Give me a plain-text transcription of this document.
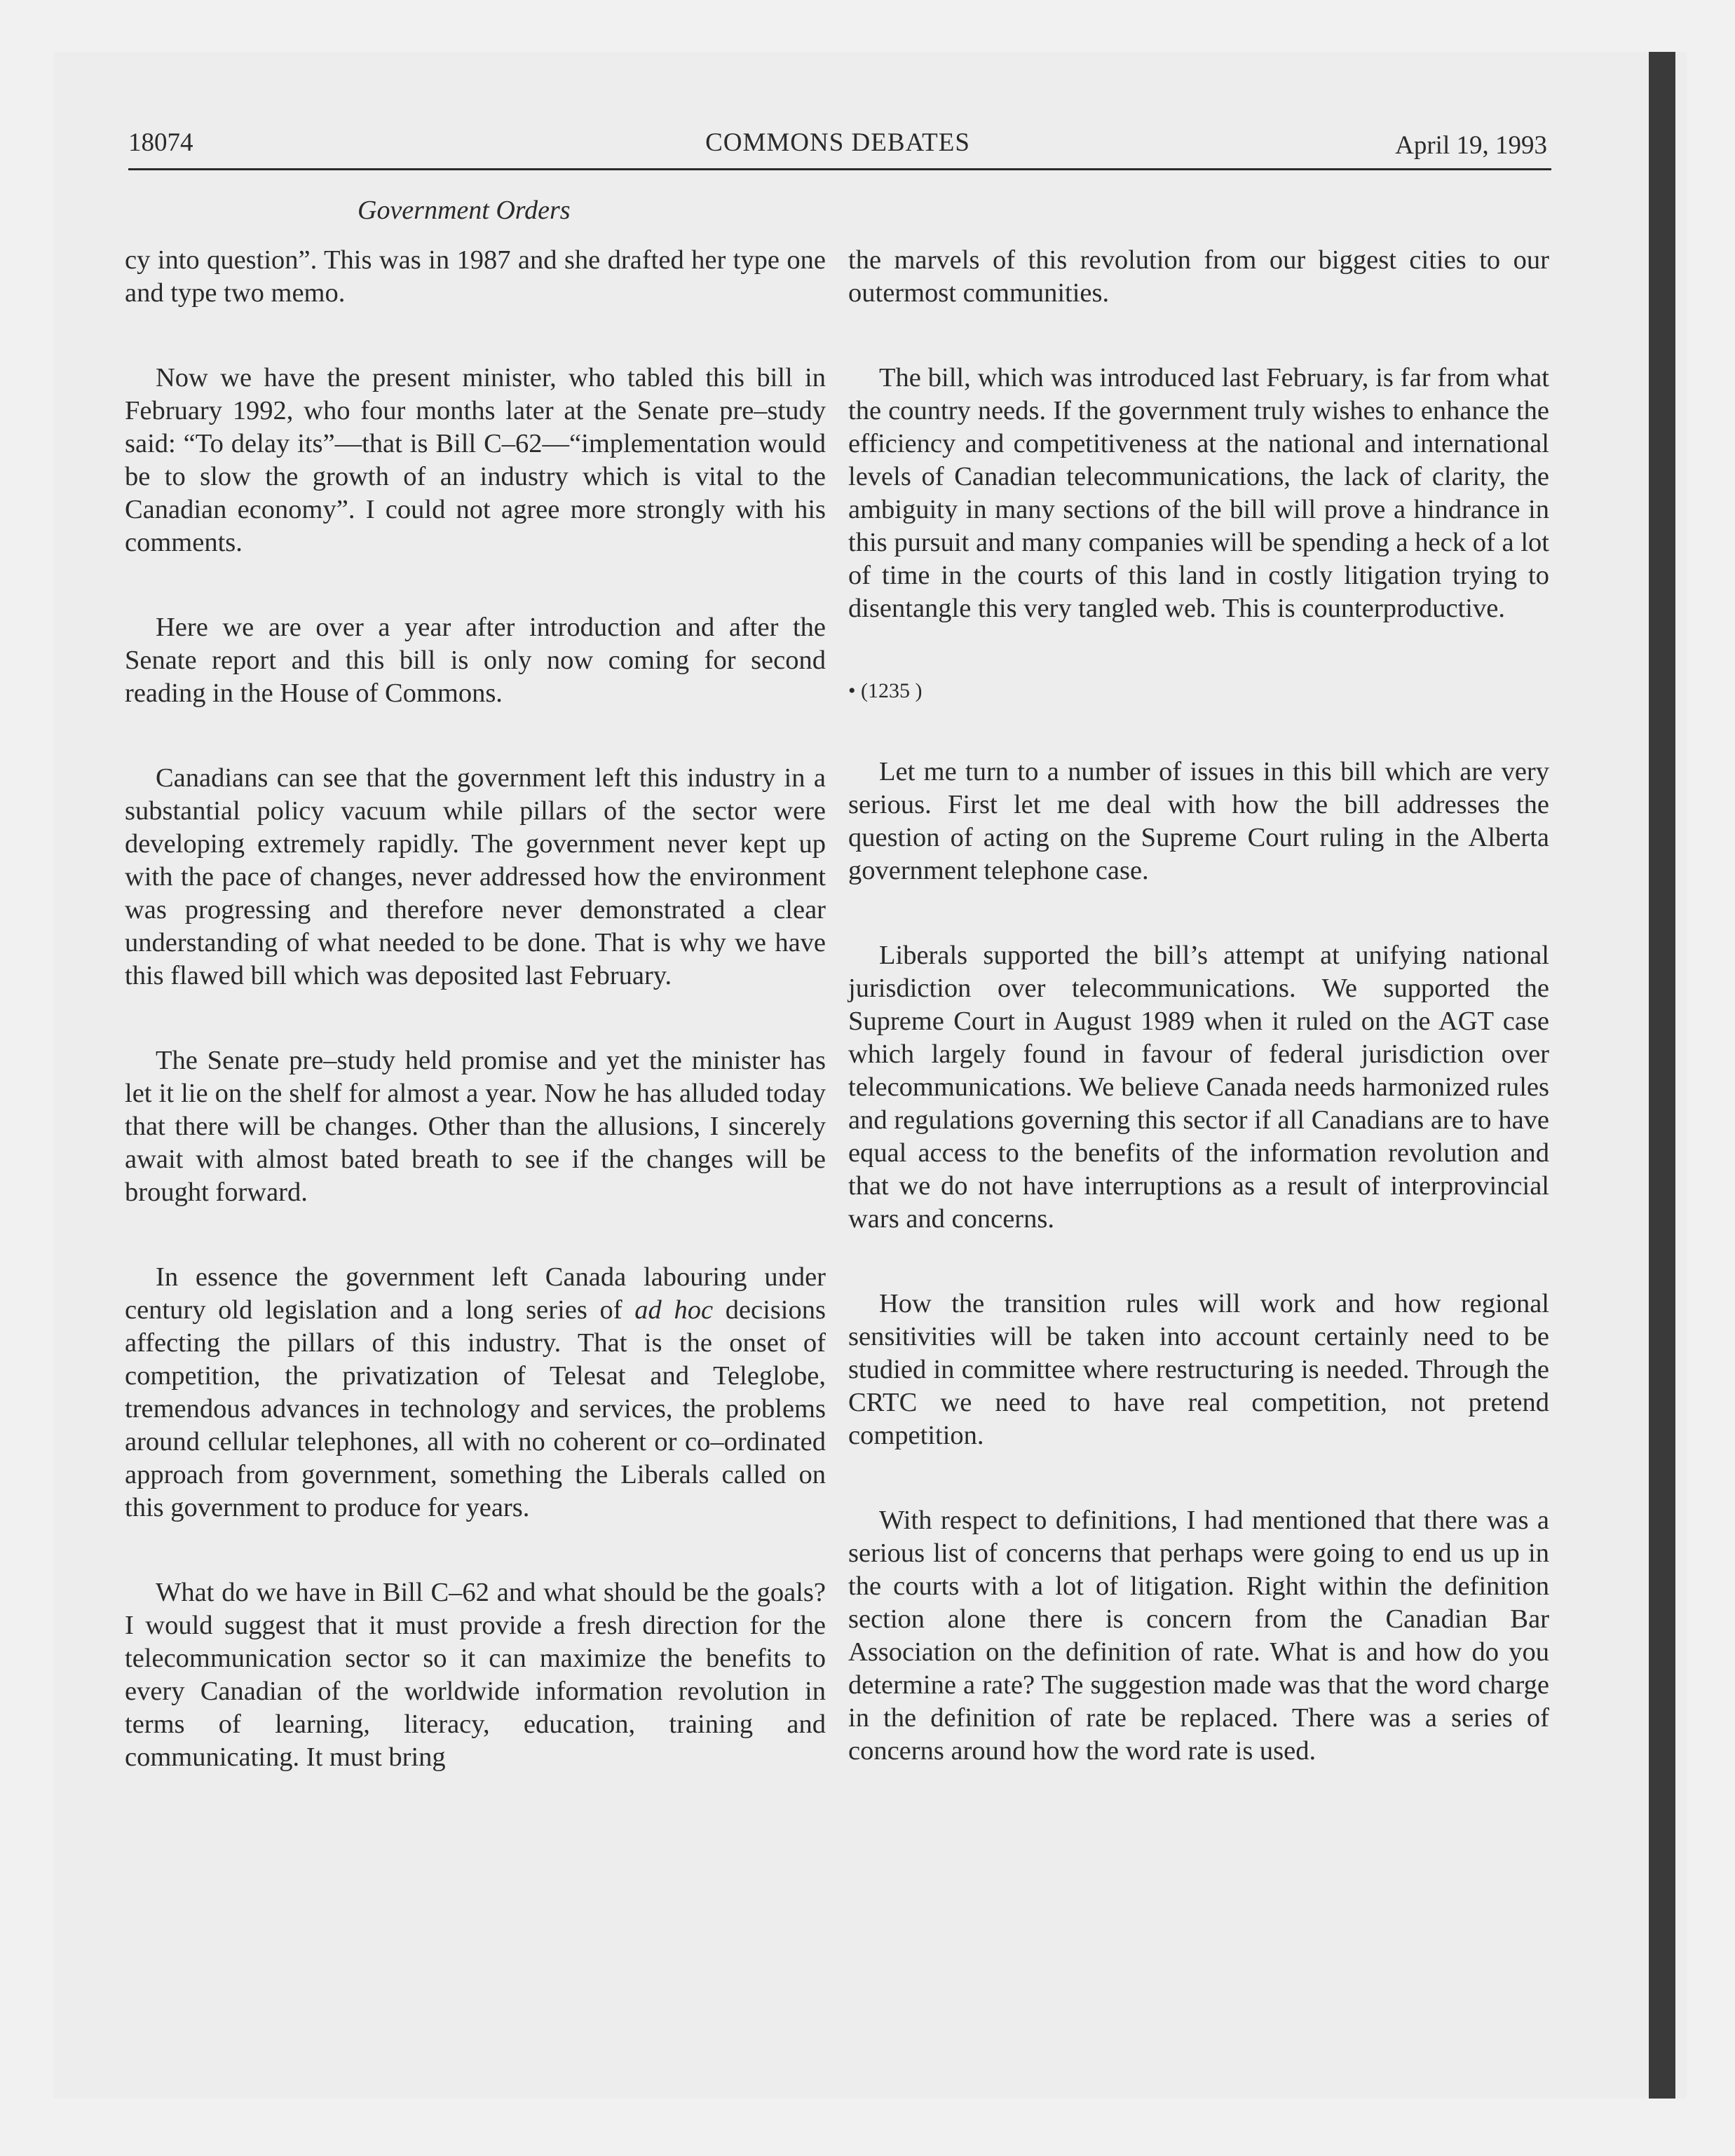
18074	COMMONS DEBATES	April 19, 1993
Government Orders

cy into question”. This was in 1987 and she drafted her type one and type two memo.

Now we have the present minister, who tabled this bill in February 1992, who four months later at the Senate pre–study said: “To delay its”—that is Bill C–62—“implementation would be to slow the growth of an industry which is vital to the Canadian economy”. I could not agree more strongly with his comments.

Here we are over a year after introduction and after the Senate report and this bill is only now coming for second reading in the House of Commons.

Canadians can see that the government left this industry in a substantial policy vacuum while pillars of the sector were developing extremely rapidly. The government never kept up with the pace of changes, never addressed how the environment was progressing and therefore never demonstrated a clear understanding of what needed to be done. That is why we have this flawed bill which was deposited last February.

The Senate pre–study held promise and yet the minister has let it lie on the shelf for almost a year. Now he has alluded today that there will be changes. Other than the allusions, I sincerely await with almost bated breath to see if the changes will be brought forward.

In essence the government left Canada labouring under century old legislation and a long series of ad hoc decisions affecting the pillars of this industry. That is the onset of competition, the privatization of Telesat and Teleglobe, tremendous advances in technology and services, the problems around cellular telephones, all with no coherent or co–ordinated approach from government, something the Liberals called on this government to produce for years.

What do we have in Bill C–62 and what should be the goals? I would suggest that it must provide a fresh direction for the telecommunication sector so it can maximize the benefits to every Canadian of the worldwide information revolution in terms of learning, literacy, education, training and communicating. It must bring

the marvels of this revolution from our biggest cities to our outermost communities.

The bill, which was introduced last February, is far from what the country needs. If the government truly wishes to enhance the efficiency and competitiveness at the national and international levels of Canadian telecommunications, the lack of clarity, the ambiguity in many sections of the bill will prove a hindrance in this pursuit and many companies will be spending a heck of a lot of time in the courts of this land in costly litigation trying to disentangle this very tangled web. This is counterproductive.

• (1235 )

Let me turn to a number of issues in this bill which are very serious. First let me deal with how the bill addresses the question of acting on the Supreme Court ruling in the Alberta government telephone case.

Liberals supported the bill’s attempt at unifying national jurisdiction over telecommunications. We supported the Supreme Court in August 1989 when it ruled on the AGT case which largely found in favour of federal jurisdiction over telecommunications. We believe Canada needs harmonized rules and regulations governing this sector if all Canadians are to have equal access to the benefits of the information revolution and that we do not have interruptions as a result of interprovincial wars and concerns.

How the transition rules will work and how regional sensitivities will be taken into account certainly need to be studied in committee where restructuring is needed. Through the CRTC we need to have real competition, not pretend competition.

With respect to definitions, I had mentioned that there was a serious list of concerns that perhaps were going to end us up in the courts with a lot of litigation. Right within the definition section alone there is concern from the Canadian Bar Association on the definition of rate. What is and how do you determine a rate? The suggestion made was that the word charge in the definition of rate be replaced. There was a series of concerns around how the word rate is used.
